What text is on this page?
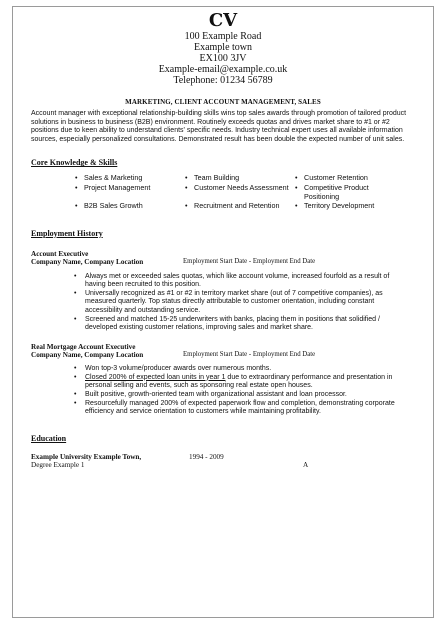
CV
100 Example Road
Example town
EX100 3JV
Example-email@example.co.uk
Telephone: 01234 56789
MARKETING, CLIENT ACCOUNT MANAGEMENT, SALES
Account manager with exceptional relationship-building skills wins top sales awards through promotion of tailored product solutions in business to business (B2B) environment. Routinely exceeds quotas and drives market share to #1 or #2 positions due to keen ability to understand clients' specific needs. Industry technical expert uses all available information sources, especially personalized consultations. Demonstrated result has been double the expected number of unit sales.
Core Knowledge & Skills
• Sales & Marketing	• Team Building	• Customer Retention
• Project Management	• Customer Needs Assessment	• Competitive Product Positioning
• B2B Sales Growth	• Recruitment and Retention	• Territory Development
Employment History
Account Executive
Company Name, Company Location	Employment Start Date - Employment End Date
• Always met or exceeded sales quotas, which like account volume, increased fourfold as a result of having been recruited to this position.
• Universally recognized as #1 or #2 in territory market share (out of 7 competitive companies), as measured quarterly. Top status directly attributable to customer orientation, including constant accessibility and outstanding service.
• Screened and matched 15-25 underwriters with banks, placing them in positions that solidified / developed existing customer relations, improving sales and market share.
Real Mortgage Account Executive
Company Name, Company Location	Employment Start Date - Employment End Date
• Won top-3 volume/producer awards over numerous months.
• Closed 200% of expected loan units in year 1 due to extraordinary performance and presentation in personal selling and events, such as sponsoring real estate open houses.
• Built positive, growth-oriented team with organizational assistant and loan processor.
• Resourcefully managed 200% of expected paperwork flow and completion, demonstrating corporate efficiency and service orientation to customers while maintaining profitability.
Education
Example University Example Town,	1994 - 2009
Degree Example 1	A
